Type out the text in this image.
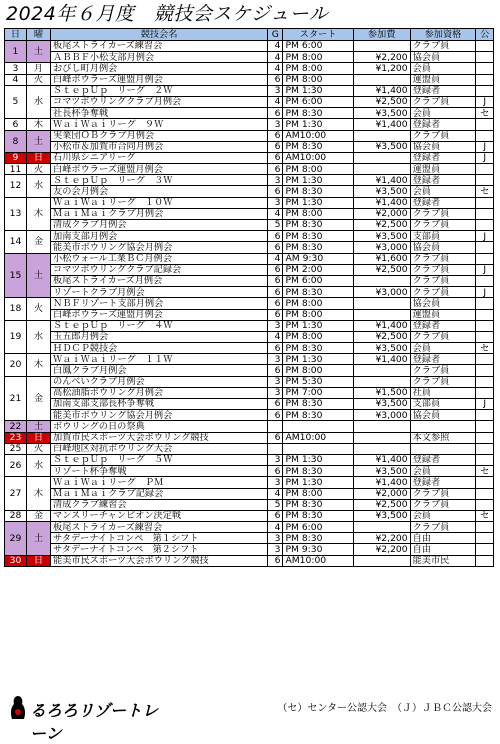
2024年６月度　競技会スケジュール
日	曜	競技会名	G	スタート	参加費	参加資格	公
1	土	板尾ストライカーズ練習会	4	PM 6:00		クラブ員	
		ＡＢＢＦ小松支部月例会	4	PM 8:00	¥2,200	協会員	
3	月	おびし町月例会	4	PM 8:00	¥1,200	会員	
4	火	白峰ボウラーズ運盟月例会	6	PM 8:00		運盟員	
5	水	ＳｔｅｐＵｐ　リーグ　２Ｗ	3	PM 1:30	¥1,400	登録者	
		コマツボウリングクラブ月例会	4	PM 6:00	¥2,500	クラブ員	J
		社長杯争奪戦	6	PM 8:30	¥3,500	会員	セ
6	木	ＷａｉＷａｉリーグ　９Ｗ	3	PM 1:30	¥1,400	登録者	
8	土	実業団ＯＢクラブ月例会	6	AM10:00		クラブ員	
		小松市＆加賀市合同月例会	6	PM 8:30	¥3,500	協会員	J
9	日	石川県シニアリーグ	6	AM10:00		登録者	J
11	火	白峰ボウラーズ運盟月例会	6	PM 8:00		運盟員	
12	水	ＳｔｅｐＵｐ　リーグ　３Ｗ	3	PM 1:30	¥1,400	登録者	
		友の会月例会	6	PM 8:30	¥3,500	会員	セ
13	木	ＷａｉＷａｉリーグ　１０Ｗ	3	PM 1:30	¥1,400	登録者	
		ＭａｉＭａｉクラブ月例会	4	PM 8:00	¥2,000	クラブ員	
		清成クラブ月例会	5	PM 8:30	¥2,500	クラブ員	
14	金	加南支部月例会	6	PM 8:30	¥3,500	支部員	J
		能美市ボウリング協会月例会	6	PM 8:30	¥3,000	協会員	
15	土	小松ウォール工業ＢＣ月例会	4	AM 9:30	¥1,600	クラブ員	
		コマツボウリングクラブ記録会	6	PM 2:00	¥2,500	クラブ員	J
		板尾ストライカーズ月例会	6	PM 6:00		クラブ員	
		リゾートクラブ月例会	6	PM 8:30	¥3,000	クラブ員	J
18	火	ＮＢＦリゾート支部月例会	6	PM 8:00		協会員	
		白峰ボウラーズ運盟月例会	6	PM 8:00		運盟員	
19	水	ＳｔｅｐＵｐ　リーグ　４Ｗ	3	PM 1:30	¥1,400	登録者	
		玉五郎月例会	4	PM 8:00	¥2,500	クラブ員	
		ＨＤＣＰ競技会	6	PM 8:30	¥3,500	会員	セ
20	木	ＷａｉＷａｉリーグ　１１Ｗ	3	PM 1:30	¥1,400	登録者	
		白鳳クラブ月例会	6	PM 8:00		クラブ員	
21	金	のんべいクラブ月例会	3	PM 5:30		クラブ員	
		高松油脂ボウリング月例会	3	PM 7:00	¥1,500	社員	
		加南支部支部長杯争奪戦	6	PM 8:30	¥3,500	支部員	J
		能美市ボウリング協会月例会	6	PM 8:30	¥3,000	協会員	
22	土	ボウリングの日の祭典					
23	日	加賀市民スポーツ大会ボウリング競技	6	AM10:00		本文参照	
25	火	白峰地区対抗ボウリング大会					
26	水	ＳｔｅｐＵｐ　リーグ　５Ｗ	3	PM 1:30	¥1,400	登録者	
		リゾート杯争奪戦	6	PM 8:30	¥3,500	会員	セ
27	木	ＷａｉＷａｉリーグ　ＰＭ	3	PM 1:30	¥1,400	登録者	
		ＭａｉＭａｉクラブ記録会	4	PM 8:00	¥2,000	クラブ員	
		清成クラブ練習会	5	PM 8:30	¥2,500	クラブ員	
28	金	マンスリーチャンピオン決定戦	6	PM 8:30	¥3,500	会員	セ
29	土	板尾ストライカーズ練習会	4	PM 6:00		クラブ員	
		サタデーナイトコンペ　第１シフト	3	PM 8:30	¥2,200	自由	
		サタデーナイトコンペ　第２シフト	3	PM 9:30	¥2,200	自由	
30	日	能美市民スポーツ大会ボウリング競技	6	AM10:00		能美市民	
るろろリゾートレーン
（セ）センター公認大会　（Ｊ）ＪＢＣ公認大会
